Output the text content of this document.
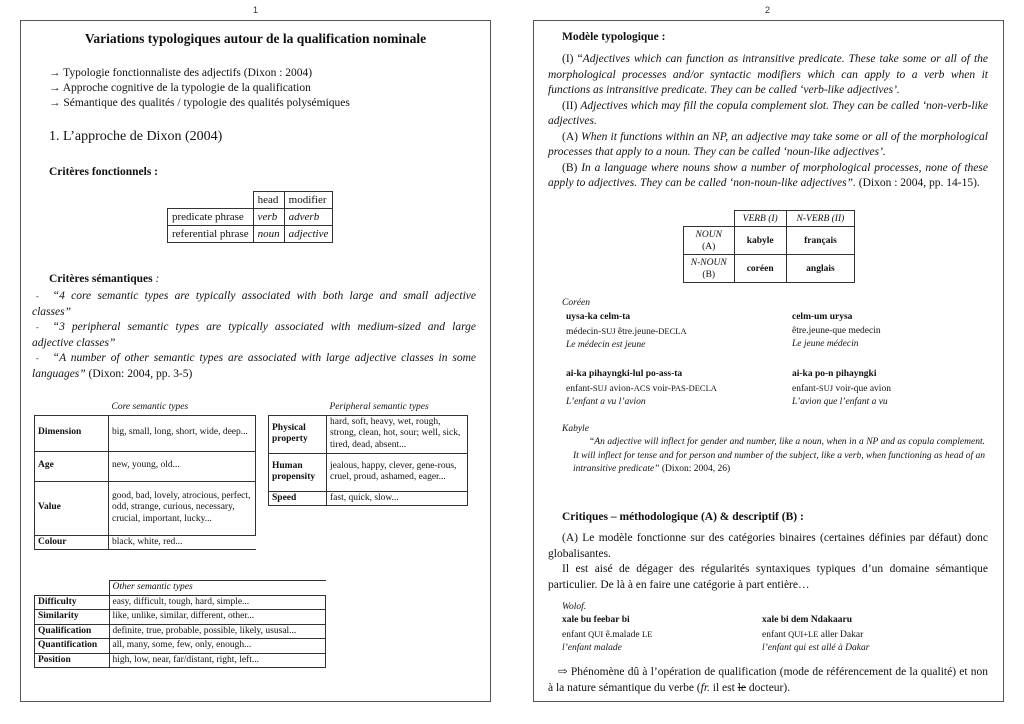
1	2
Variations typologiques autour de la qualification nominale
→ Typologie fonctionnaliste des adjectifs (Dixon : 2004)
→ Approche cognitive de la typologie de la qualification
→ Sémantique des qualités / typologie des qualités polysémiques
1. L’approche de Dixon (2004)
Critères fonctionnels :
	head	modifier
predicate phrase	verb	adverb
referential phrase	noun	adjective
Critères sémantiques :
- “4 core semantic types are typically associated with both large and small adjective classes”
- “3 peripheral semantic types are typically associated with medium-sized and large adjective classes”
- “A number of other semantic types are associated with large adjective classes in some languages” (Dixon: 2004, pp. 3-5)
	Core semantic types
Dimension	big, small, long, short, wide, deep...
Age	new, young, old...
Value	good, bad, lovely, atrocious, perfect, odd, strange, curious, necessary, crucial, important, lucky...
Colour	black, white, red...
	Peripheral semantic types
Physical property	hard, soft, heavy, wet, rough, strong, clean, hot, sour; well, sick, tired, dead, absent...
Human propensity	jealous, happy, clever, gene-rous, cruel, proud, ashamed, eager...
Speed	fast, quick, slow...
	Other semantic types
Difficulty	easy, difficult, tough, hard, simple...
Similarity	like, unlike, similar, different, other...
Qualification	definite, true, probable, possible, likely, ususal...
Quantification	all, many, some, few, only, enough...
Position	high, low, near, far/distant, right, left...
Modèle typologique :
(I) “Adjectives which can function as intransitive predicate. These take some or all of the morphological processes and/or syntactic modifiers which can apply to a verb when it functions as intransitive predicate. They can be called ‘verb-like adjectives’.
(II) Adjectives which may fill the copula complement slot. They can be called ‘non-verb-like adjectives.
(A) When it functions within an NP, an adjective may take some or all of the morphological processes that apply to a noun. They can be called ‘noun-like adjectives’.
(B) In a language where nouns show a number of morphological processes, none of these apply to adjectives. They can be called ‘non-noun-like adjectives”. (Dixon : 2004, pp. 14-15).
	VERB (I)	N-VERB (II)
NOUN
(A)	kabyle	français
N-NOUN
(B)	coréen	anglais
Coréen
uysa-ka celm-ta
médecin-SUJ être.jeune-DECLA
Le médecin est jeune
celm-um urysa
être.jeune-que medecin
Le jeune médecin
ai-ka pihayngki-lul po-ass-ta
enfant-SUJ avion-ACS voir-PAS-DECLA
L’enfant a vu l’avion
ai-ka po-n pihayngki
enfant-SUJ voir-que avion
L’avion que l’enfant a vu
Kabyle
“An adjective will inflect for gender and number, like a noun, when in a NP and as copula complement. It will inflect for tense and for person and number of the subject, like a verb, when functioning as head of an intransitive predicate” (Dixon: 2004, 26)
Critiques – méthodologique (A) & descriptif (B) :
(A) Le modèle fonctionne sur des catégories binaires (certaines définies par défaut) donc globalisantes.
Il est aisé de dégager des régularités syntaxiques typiques d’un domaine sémantique particulier. De là à en faire une catégorie à part entière…
Wolof.
xale bu feebar bi
enfant QUI ê.malade LE
l’enfant malade
xale bi dem Ndakaaru
enfant QUI+LE aller Dakar
l’enfant qui est allé à Dakar
⇨ Phénomène dû à l’opération de qualification (mode de référencement de la qualité) et non à la nature sémantique du verbe (fr. il est le docteur).
